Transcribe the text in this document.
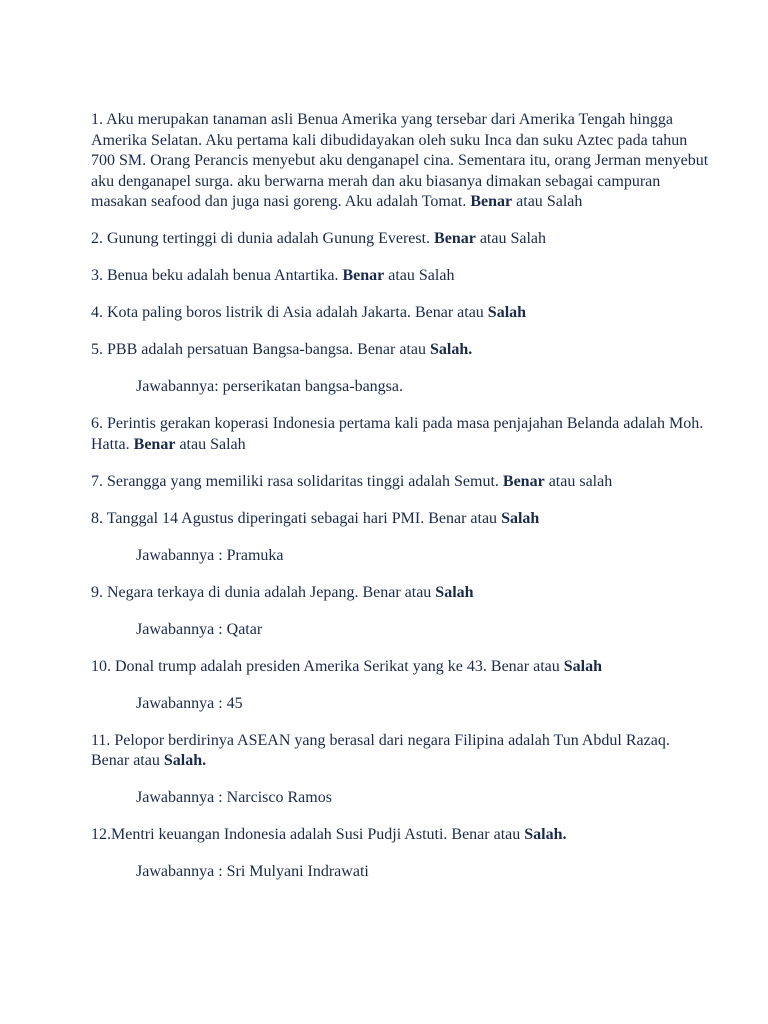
1. Aku merupakan tanaman asli Benua Amerika yang tersebar dari Amerika Tengah hingga Amerika Selatan. Aku pertama kali dibudidayakan oleh suku Inca dan suku Aztec pada tahun 700 SM. Orang Perancis menyebut aku denganapel cina. Sementara itu, orang Jerman menyebut aku denganapel surga. aku berwarna merah dan aku biasanya dimakan sebagai campuran masakan seafood dan juga nasi goreng. Aku adalah Tomat. Benar atau Salah

2. Gunung tertinggi di dunia adalah Gunung Everest. Benar atau Salah

3. Benua beku adalah benua Antartika. Benar atau Salah

4. Kota paling boros listrik di Asia adalah Jakarta. Benar atau Salah

5. PBB adalah persatuan Bangsa-bangsa. Benar atau Salah.

Jawabannya: perserikatan bangsa-bangsa.

6. Perintis gerakan koperasi Indonesia pertama kali pada masa penjajahan Belanda adalah Moh. Hatta. Benar atau Salah

7. Serangga yang memiliki rasa solidaritas tinggi adalah Semut. Benar atau salah

8. Tanggal 14 Agustus diperingati sebagai hari PMI. Benar atau Salah

Jawabannya : Pramuka

9. Negara terkaya di dunia adalah Jepang. Benar atau Salah

Jawabannya : Qatar

10. Donal trump adalah presiden Amerika Serikat yang ke 43. Benar atau Salah

Jawabannya : 45

11. Pelopor berdirinya ASEAN yang berasal dari negara Filipina adalah Tun Abdul Razaq. Benar atau Salah.

Jawabannya : Narcisco Ramos

12.Mentri keuangan Indonesia adalah Susi Pudji Astuti. Benar atau Salah.

Jawabannya : Sri Mulyani Indrawati
